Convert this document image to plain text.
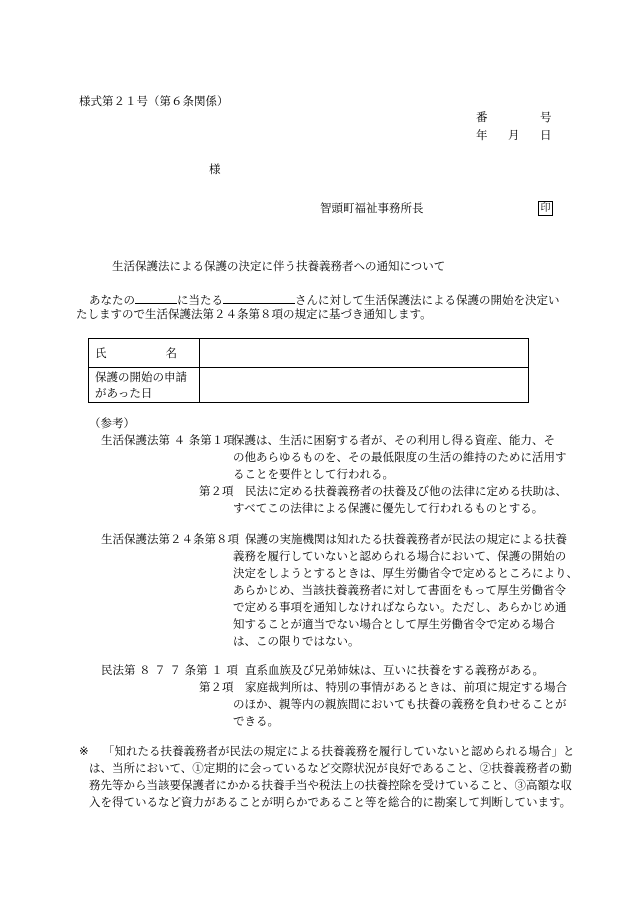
様式第２１号（第６条関係）
番	号
年 月 日
様
智頭町福祉事務所長	印
生活保護法による保護の決定に伴う扶養義務者への通知について
あなたの	に当たる	さんに対して生活保護法による保護の開始を決定い
たしますので生活保護法第２４条第８項の規定に基づき通知します。
氏 名	

保護の開始の申請
があった日	

（参考）
生活保護法第 ４ 条第１項
保護は、生活に困窮する者が、その利用し得る資産、能力、そ
の他あらゆるものを、その最低限度の生活の維持のために活用す
ることを要件として行われる。
第２項 民法に定める扶養義務者の扶養及び他の法律に定める扶助は、
すべてこの法律による保護に優先して行われるものとする。
生活保護法第２４条第８項 保護の実施機関は知れたる扶養義務者が民法の規定による扶養
義務を履行していないと認められる場合において、保護の開始の
決定をしようとするときは、厚生労働省令で定めるところにより、
あらかじめ、当該扶養義務者に対して書面をもって厚生労働省令
で定める事項を通知しなければならない。ただし、あらかじめ通
知することが適当でない場合として厚生労働省令で定める場合
は、この限りではない。
民法第 ８ ７ ７ 条第 １ 項 直系血族及び兄弟姉妹は、互いに扶養をする義務がある。
第２項 家庭裁判所は、特別の事情があるときは、前項に規定する場合
のほか、親等内の親族間においても扶養の義務を負わせることが
できる。
※ 「知れたる扶養義務者が民法の規定による扶養義務を履行していないと認められる場合」と
は、当所において、①定期的に会っているなど交際状況が良好であること、②扶養義務者の勤
務先等から当該要保護者にかかる扶養手当や税法上の扶養控除を受けていること、③高額な収
入を得ているなど資力があることが明らかであること等を総合的に勘案して判断しています。
